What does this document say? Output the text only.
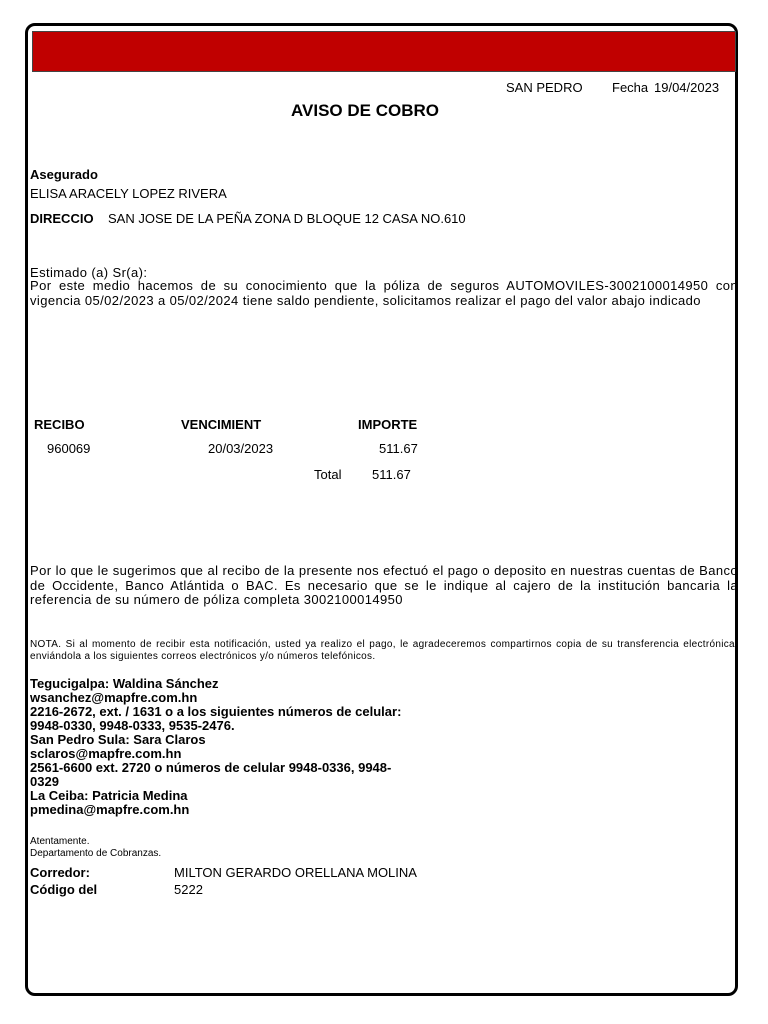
SAN PEDRO Fecha 19/04/2023
AVISO DE COBRO
Asegurado
ELISA ARACELY LOPEZ RIVERA
DIRECCIO SAN JOSE DE LA PEÑA ZONA D BLOQUE 12 CASA NO.610
Estimado (a) Sr(a):
Por este medio hacemos de su conocimiento que la póliza de seguros AUTOMOVILES-3002100014950 con vigencia 05/02/2023 a 05/02/2024 tiene saldo pendiente, solicitamos realizar el pago del valor abajo indicado
RECIBO	VENCIMIENT	IMPORTE
960069	20/03/2023	511.67
Total 511.67
Por lo que le sugerimos que al recibo de la presente nos efectuó el pago o deposito en nuestras cuentas de Banco de Occidente, Banco Atlántida o BAC. Es necesario que se le indique al cajero de la institución bancaria la referencia de su número de póliza completa 3002100014950
NOTA. Si al momento de recibir esta notificación, usted ya realizo el pago, le agradeceremos compartirnos copia de su transferencia electrónica, enviándola a los siguientes correos electrónicos y/o números telefónicos.
Tegucigalpa: Waldina Sánchez
wsanchez@mapfre.com.hn
2216-2672, ext. / 1631 o a los siguientes números de celular:
9948-0330, 9948-0333, 9535-2476.
San Pedro Sula: Sara Claros
sclaros@mapfre.com.hn
2561-6600 ext. 2720 o números de celular 9948-0336, 9948-0329
La Ceiba: Patricia Medina
pmedina@mapfre.com.hn
Atentamente.
Departamento de Cobranzas.
Corredor:	MILTON GERARDO ORELLANA MOLINA
Código del	5222
